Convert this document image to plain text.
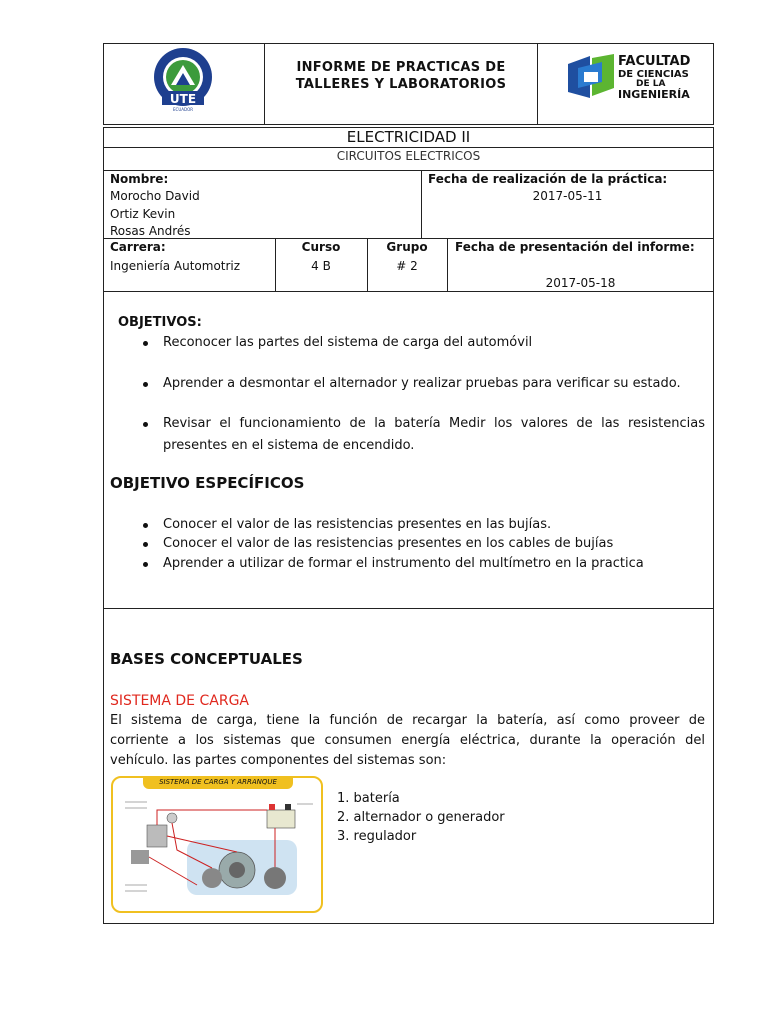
UTE
ECUADOR
INFORME DE PRACTICAS DE
TALLERES Y LABORATORIOS
FACULTAD
DE CIENCIAS
DE LA
INGENIERÍA
ELECTRICIDAD II
CIRCUITOS ELECTRICOS
Nombre:
Morocho David
Ortiz Kevin
Rosas Andrés
Fecha de realización de la práctica:
2017-05-11
Carrera:
Ingeniería Automotriz
Curso
4 B
Grupo
# 2
Fecha de presentación del informe:
2017-05-18
OBJETIVOS:
Reconocer las partes del sistema de carga del automóvil
Aprender a desmontar el alternador y realizar pruebas para verificar su estado.
Revisar el funcionamiento de la batería Medir los valores de las resistencias
presentes en el sistema de encendido.
OBJETIVO ESPECÍFICOS
Conocer el valor de las resistencias presentes en las bujías.
Conocer el valor de las resistencias presentes en los cables de bujías
Aprender a utilizar de formar el instrumento del multímetro en la practica
BASES CONCEPTUALES
SISTEMA DE CARGA
El sistema de carga, tiene la función de recargar la batería, así como proveer de
corriente a los sistemas que consumen energía eléctrica, durante la operación del
vehículo. las partes componentes del sistemas son:
SISTEMA DE CARGA Y ARRANQUE
1. batería
2. alternador o generador
3. regulador
